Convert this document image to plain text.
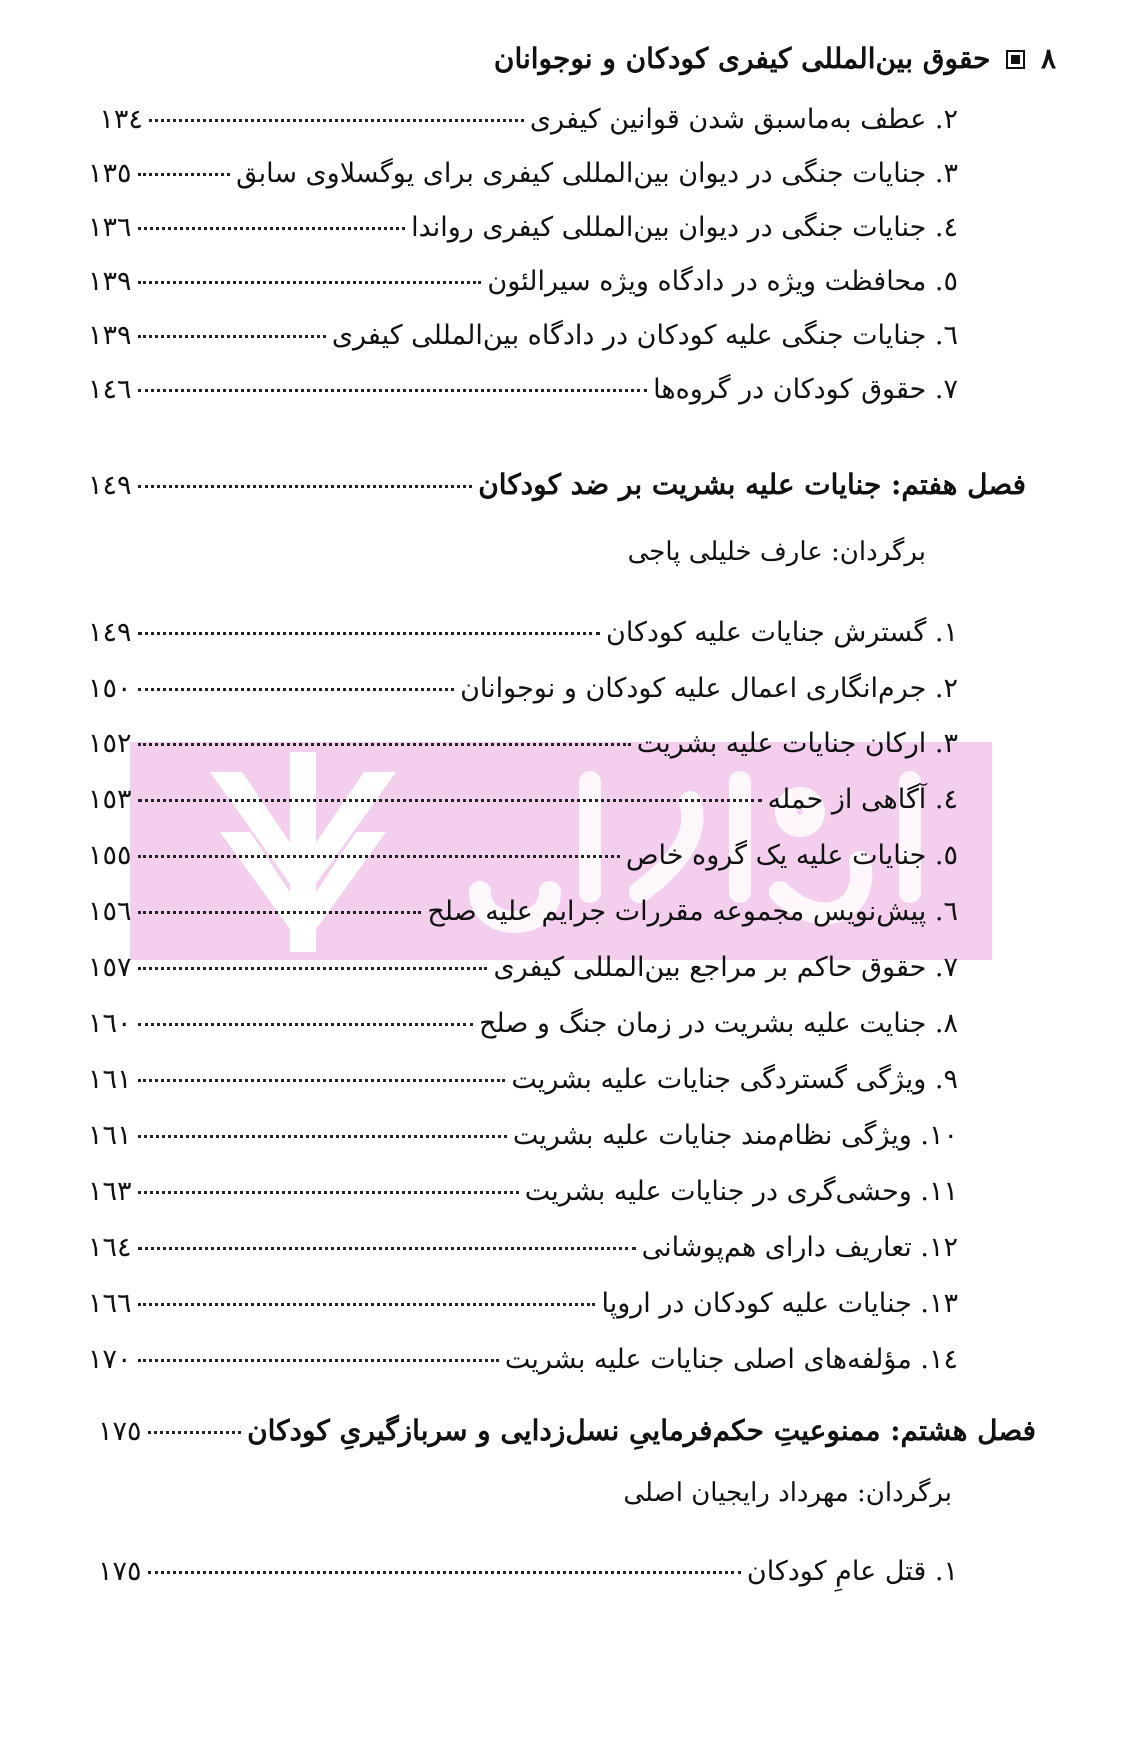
٨  حقوق بین‌المللی کیفری کودکان و نوجوانان
٢. عطف به‌ماسبق شدن قوانین کیفری
١٣٤
٣. جنایات جنگی در دیوان بین‌المللی کیفری برای یوگسلاوی سابق
١٣٥
٤. جنایات جنگی در دیوان بین‌المللی کیفری رواندا
١٣٦
٥. محافظت ویژه در دادگاه ویژه سیرالئون
١٣٩
٦. جنایات جنگی علیه کودکان در دادگاه بین‌المللی کیفری
١٣٩
٧. حقوق کودکان در گروه‌ها
١٤٦
فصل هفتم: جنایات علیه بشریت بر ضد کودکان
١٤٩
برگردان: عارف خلیلی پاجی
١. گسترش جنایات علیه کودکان
١٤٩
٢. جرم‌انگاری اعمال علیه کودکان و نوجوانان
١٥٠
٣. ارکان جنایات علیه بشریت
١٥٢
٤. آگاهی از حمله
١٥٣
٥. جنایات علیه یک گروه خاص
١٥٥
٦. پیش‌نویس مجموعه مقررات جرایم علیه صلح
١٥٦
٧. حقوق حاکم بر مراجع بین‌المللی کیفری
١٥٧
٨. جنایت علیه بشریت در زمان جنگ و صلح
١٦٠
٩. ویژگی گستردگی جنایات علیه بشریت
١٦١
١٠. ویژگی نظام‌مند جنایات علیه بشریت
١٦١
١١. وحشی‌گری در جنایات علیه بشریت
١٦٣
١٢. تعاریف دارای هم‌پوشانی
١٦٤
١٣. جنایات علیه کودکان در اروپا
١٦٦
١٤. مؤلفه‌های اصلی جنایات علیه بشریت
١٧٠
فصل هشتم: ممنوعیتِ حکم‌فرماییِ نسل‌زدایی و سربازگیریِ کودکان
١٧٥
برگردان: مهرداد رایجیان اصلی
١. قتل عامِ کودکان
١٧٥
